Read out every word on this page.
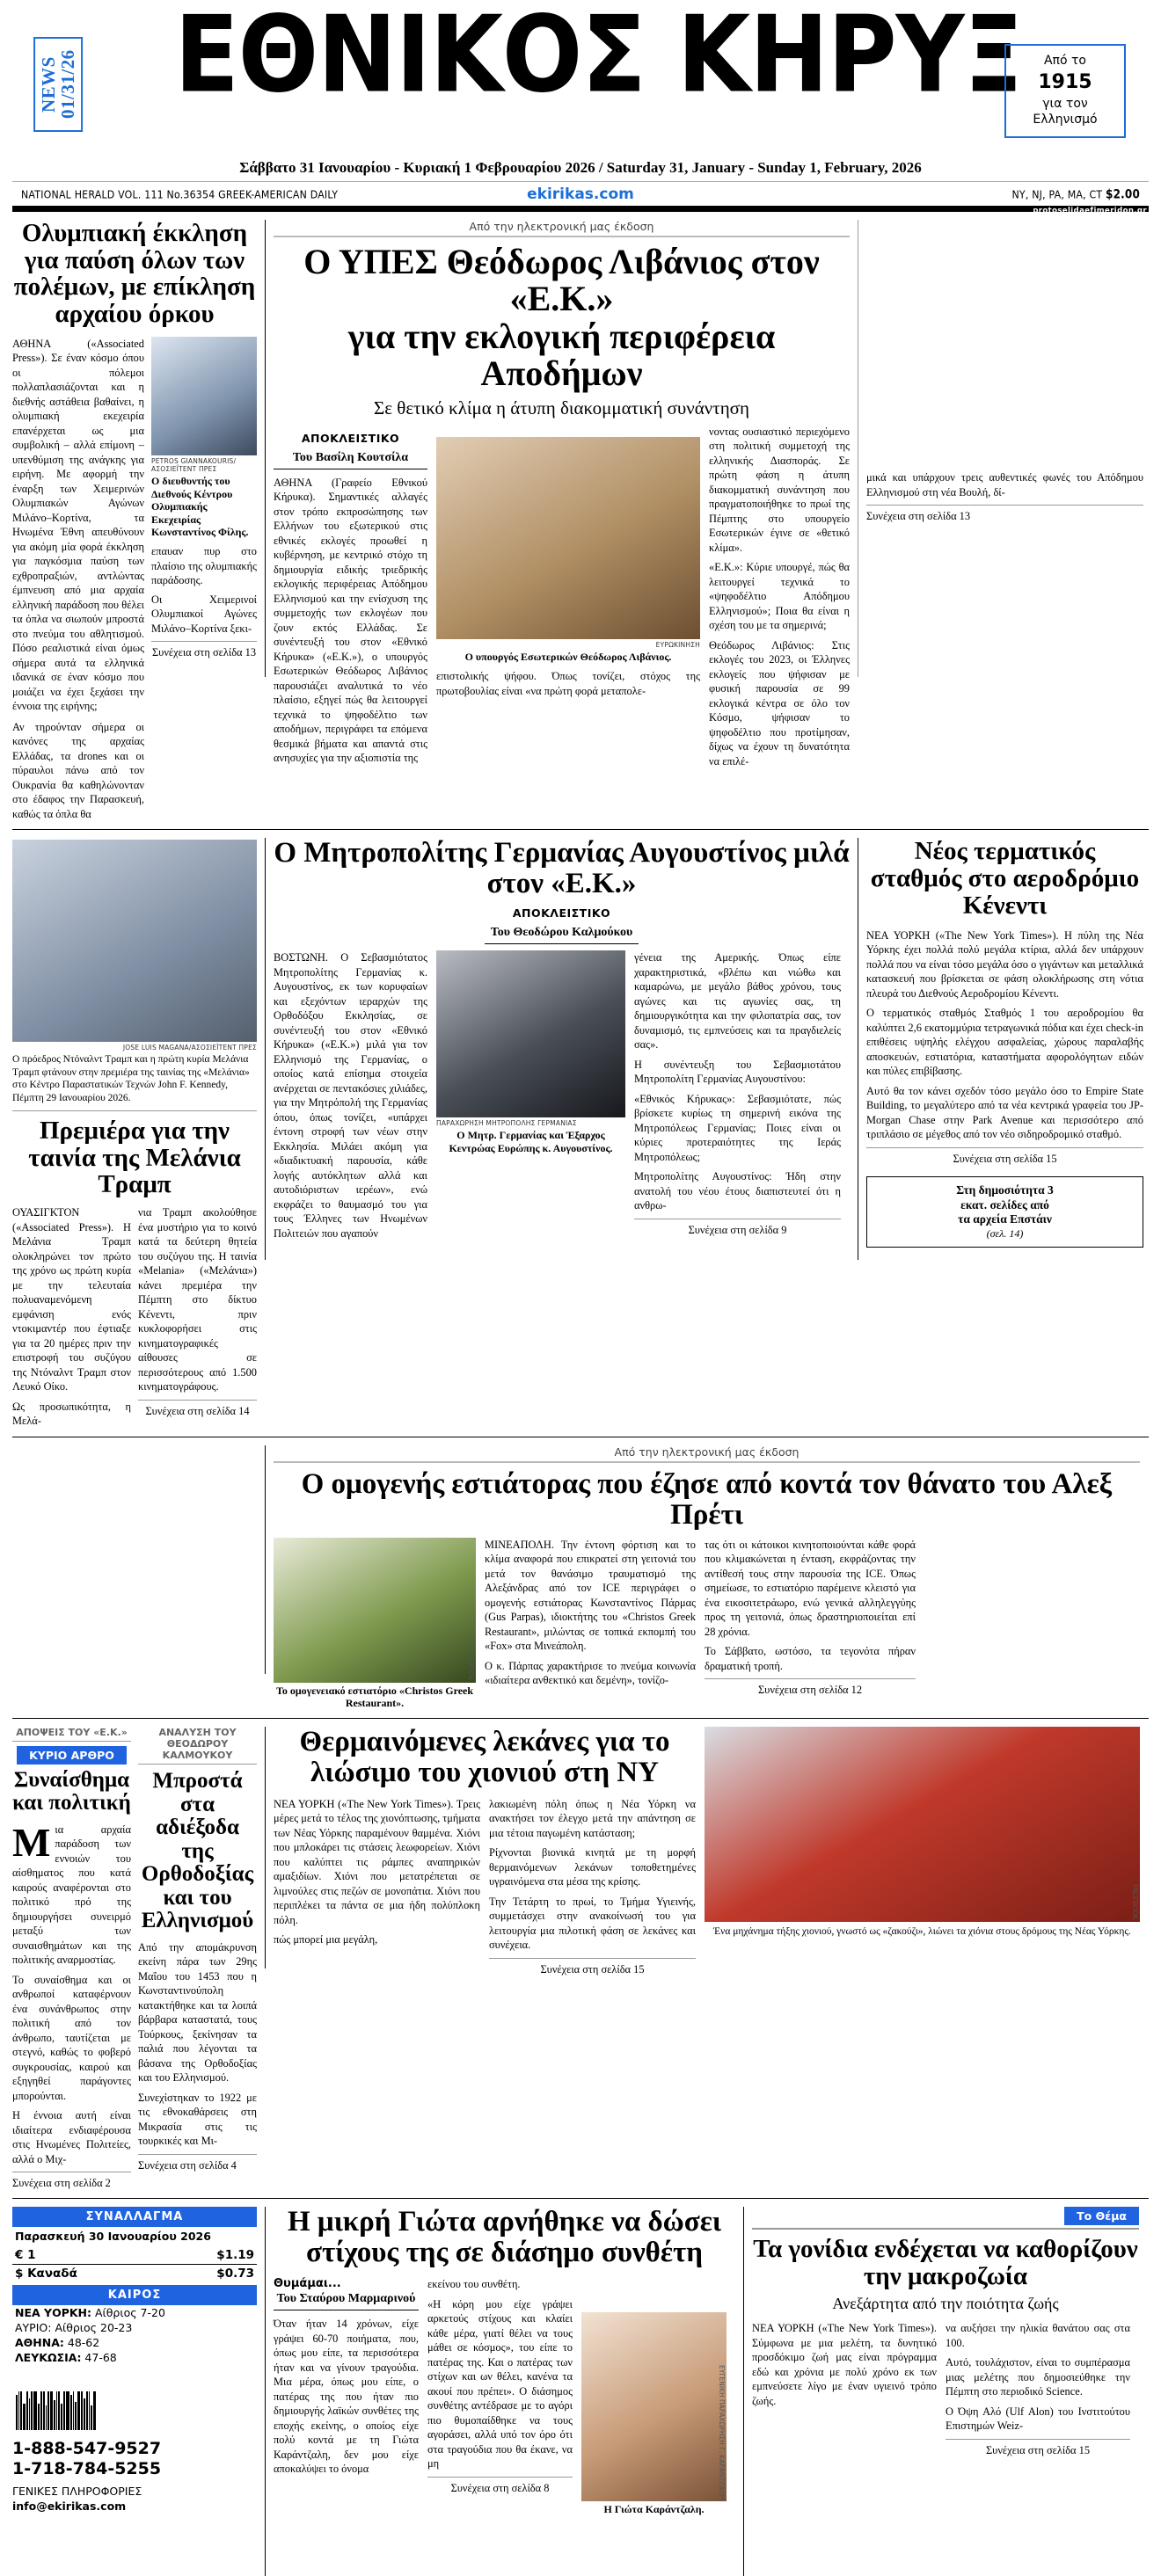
NEWS
01/31/26	ΕΘΝΙΚΟΣ ΚΗΡΥΞ	Από το
1915
για τον
Ελληνισμό
Σάββατο 31 Ιανουαρίου - Κυριακή 1 Φεβρουαρίου 2026 / Saturday 31, January - Sunday 1, February, 2026
NATIONAL HERALD VOL. 111 No.36354 GREEK-AMERICAN DAILY	ekirikas.com	NY, NJ, PA, MA, CT $2.00
protoselidaefimeridon.gr
Ολυμπιακή έκκληση για παύση όλων των πολέμων, με επίκληση αρχαίου όρκου
ΑΘΗΝΑ («Associated Press»). Σε έναν κόσμο όπου οι πόλεμοι πολλαπλασιάζονται και η διεθνής αστάθεια βαθαίνει, η ολυμπιακή εκεχειρία επανέρχεται ως μια συμβολική – αλλά επίμονη – υπενθύμιση της ανάγκης για ειρήνη. Με αφορμή την έναρξη των Χειμερινών Ολυμπιακών Αγώνων Μιλάνο–Κορτίνα, τα Ηνωμένα Έθνη απευθύνουν για ακόμη μία φορά έκκληση για παγκόσμια παύση των εχθροπραξιών, αντλώντας έμπνευση από μια αρχαία ελληνική παράδοση που θέλει τα όπλα να σιωπούν μπροστά στο πνεύμα του αθλητισμού. Πόσο ρεαλιστικά είναι όμως σήμερα αυτά τα ελληνικά ιδανικά σε έναν κόσμο που μοιάζει να έχει ξεχάσει την έννοια της ειρήνης;
Αν τηρούνταν σήμερα οι κανόνες της αρχαίας Ελλάδας, τα drones και οι πύραυλοι πάνω από τον Ουκρανία θα καθηλώνονταν στο έδαφος την Παρασκευή, καθώς τα όπλα θα
PETROS GIANNAKOURIS/ΑΣΟΣΙΕΪΤΕΝΤ ΠΡΕΣ
Ο διευθυντής του Διεθνούς Κέντρου Ολυμπιακής Εκεχειρίας Κωνσταντίνος Φίλης.
επαυαν πυρ στο πλαίσιο της ολυμπιακής παράδοσης.
Οι Χειμερινοί Ολυμπιακοί Αγώνες Μιλάνο–Κορτίνα ξεκι-
Συνέχεια στη σελίδα 13
Από την ηλεκτρονική μας έκδοση
Ο ΥΠΕΣ Θεόδωρος Λιβάνιος στον «Ε.Κ.»
για την εκλογική περιφέρεια Αποδήμων
Σε θετικό κλίμα η άτυπη διακομματική συνάντηση
ΑΠΟΚΛΕΙΣΤΙΚΟ
Του Βασίλη Κουτσίλα
ΑΘΗΝΑ (Γραφείο Εθνικού Κήρυκα). Σημαντικές αλλαγές στον τρόπο εκπροσώπησης των Ελλήνων του εξωτερικού στις εθνικές εκλογές προωθεί η κυβέρνηση, με κεντρικό στόχο τη δημιουργία ειδικής τριεδρικής εκλογικής περιφέρειας Απόδημου Ελληνισμού και την ενίσχυση της συμμετοχής των εκλογέων που ζουν εκτός Ελλάδας. Σε συνέντευξή του στον «Εθνικό Κήρυκα» («Ε.Κ.»), ο υπουργός Εσωτερικών Θεόδωρος Λιβάνιος παρουσιάζει αναλυτικά το νέο πλαίσιο, εξηγεί πώς θα λειτουργεί τεχνικά το ψηφοδέλτιο των αποδήμων, περιγράφει τα επόμενα θεσμικά βήματα και απαντά στις ανησυχίες για την αξιοπιστία της
ΕΥΡΩΚΙΝΗΣΗ
Ο υπουργός Εσωτερικών Θεόδωρος Λιβάνιος.
επιστολικής ψήφου. Όπως τονίζει, στόχος της πρωτοβουλίας είναι «να πρώτη φορά μεταπολε-
νοντας ουσιαστικό περιεχόμενο στη πολιτική συμμετοχή της ελληνικής Διασποράς. Σε πρώτη φάση η άτυπη διακομματική συνάντηση που πραγματοποιήθηκε το πρωί της Πέμπτης στο υπουργείο Εσωτερικών έγινε σε «θετικό κλίμα».
«Ε.Κ.»: Κύριε υπουργέ, πώς θα λειτουργεί τεχνικά το «ψηφοδέλτιο Απόδημου Ελληνισμού»; Ποια θα είναι η σχέση του με τα σημερινά;
Θεόδωρος Λιβάνιος: Στις εκλογές του 2023, οι Έλληνες εκλογείς που ψήφισαν με φυσική παρουσία σε 99 εκλογικά κέντρα σε όλο τον Κόσμο, ψήφισαν το ψηφοδέλτιο που προτίμησαν, δίχως να έχουν τη δυνατότητα να επιλέ-
μικά και υπάρχουν τρεις αυθεντικές φωνές του Απόδημου Ελληνισμού στη νέα Βουλή, δί-
Συνέχεια στη σελίδα 13
JOSE LUIS MAGANA/ΑΣΟΣΙΕΪΤΕΝΤ ΠΡΕΣ
Ο πρόεδρος Ντόναλντ Τραμπ και η πρώτη κυρία Μελάνια Τραμπ φτάνουν στην πρεμιέρα της ταινίας της «Μελάνια» στο Κέντρο Παραστατικών Τεχνών John F. Kennedy, Πέμπτη 29 Ιανουαρίου 2026.
Πρεμιέρα για την ταινία της Μελάνια Τραμπ
ΟΥΑΣΙΓΚΤΟΝ («Associated Press»). Η Μελάνια Τραμπ ολοκληρώνει τον πρώτο της χρόνο ως πρώτη κυρία με την τελευταία πολυαναμενόμενη εμφάνιση ενός ντοκιμαντέρ που έφτιαξε για τα 20 ημέρες πριν την επιστροφή του συζύγου της Ντόναλντ Τραμπ στον Λευκό Οίκο.
Ως προσωπικότητα, η Μελά-
νια Τραμπ ακολούθησε ένα μυστήριο για το κοινό κατά τα δεύτερη θητεία του συζύγου της. Η ταινία «Melania» («Μελάνια») κάνει πρεμιέρα την Πέμπτη στο δίκτυο Κένεντι, πριν κυκλοφορήσει στις κινηματογραφικές αίθουσες σε περισσότερους από 1.500 κινηματογράφους.
Συνέχεια στη σελίδα 14
Ο Μητροπολίτης Γερμανίας Αυγουστίνος μιλά στον «Ε.Κ.»
ΑΠΟΚΛΕΙΣΤΙΚΟ
Του Θεοδώρου Καλμούκου
ΒΟΣΤΩΝΗ. Ο Σεβασμιότατος Μητροπολίτης Γερμανίας κ. Αυγουστίνος, εκ των κορυφαίων και εξεχόντων ιεραρχών της Ορθοδόξου Εκκλησίας, σε συνέντευξή του στον «Εθνικό Κήρυκα» («Ε.Κ.») μιλά για τον Ελληνισμό της Γερμανίας, ο οποίος κατά επίσημα στοιχεία ανέρχεται σε πεντακόσιες χιλιάδες, για την Μητρόπολή της Γερμανίας όπου, όπως τονίζει, «υπάρχει έντονη στροφή των νέων στην Εκκλησία. Μιλάει ακόμη για «διαδικτυακή παρουσία, κάθε λογής αυτόκλητων αλλά και αυτοδιόριστων ιερέων», ενώ εκφράζει το θαυμασμό του για τους Έλληνες των Ηνωμένων Πολιτειών που αγαπούν
ΠΑΡΑΧΩΡΗΣΗ ΜΗΤΡΟΠΟΛΗΣ ΓΕΡΜΑΝΙΑΣ
Ο Μητρ. Γερμανίας και Έξαρχος Κεντρώας Ευρώπης κ. Αυγουστίνος.
γένεια της Αμερικής. Όπως είπε χαρακτηριστικά, «βλέπω και νιώθω και καμαρώνω, με μεγάλο βάθος χρόνου, τους αγώνες και τις αγωνίες σας, τη δημιουργικότητα και την φιλοπατρία σας, τον δυναμισμό, τις εμπνεύσεις και τα πραγδιελείς σας».
Η συνέντευξη του Σεβασμιοτάτου Μητροπολίτη Γερμανίας Αυγουστίνου:
«Εθνικός Κήρυκας»: Σεβασμιότατε, πώς βρίσκετε κυρίως τη σημερινή εικόνα της Μητροπόλεως Γερμανίας; Ποιες είναι οι κύριες προτεραιότητες της Ιεράς Μητροπόλεως;
Μητροπολίτης Αυγουστίνος: Ήδη στην ανατολή του νέου έτους διαπιστευτεί ότι η ανθρω-
Συνέχεια στη σελίδα 9
Νέος τερματικός σταθμός στο αεροδρόμιο Κένεντι
ΝΕΑ ΥΟΡΚΗ («The New York Times»). Η πύλη της Νέα Υόρκης έχει πολλά πολύ μεγάλα κτίρια, αλλά δεν υπάρχουν πολλά που να είναι τόσο μεγάλα όσο ο γιγάντων και μεταλλικά κατασκευή που βρίσκεται σε φάση ολοκλήρωσης στη νότια πλευρά του Διεθνούς Αεροδρομίου Κένεντι.
Ο τερματικός σταθμός Σταθμός 1 του αεροδρομίου θα καλύπτει 2,6 εκατομμύρια τετραγωνικά πόδια και έχει check-in επιθέσεις υψηλής ελέγχου ασφαλείας, χώρους παραλαβής αποσκευών, εστιατόρια, καταστήματα αφορολόγητων ειδών και πύλες επιβίβασης.
Αυτό θα τον κάνει σχεδόν τόσο μεγάλο όσο το Empire State Building, το μεγαλύτερο από τα νέα κεντρικά γραφεία του JP-Morgan Chase στην Park Avenue και περισσότερο από τριπλάσιο σε μέγεθος από τον νέο σιδηροδρομικό σταθμό.
Συνέχεια στη σελίδα 15
Στη δημοσιότητα 3
εκατ. σελίδες από
τα αρχεία Επστάιν
(σελ. 14)
Από την ηλεκτρονική μας έκδοση
Ο ομογενής εστιάτορας που έζησε από κοντά τον θάνατο του Αλεξ Πρέτι
FACEBOOK
Το ομογενειακό εστιατόριο «Christos Greek Restaurant».
ΜΙΝΕΑΠΟΛΗ. Την έντονη φόρτιση και το κλίμα αναφορά που επικρατεί στη γειτονιά του μετά τον θανάσιμο τραυματισμό της Αλεξάνδρας από τον ICE περιγράφει ο ομογενής εστιάτορας Κωνσταντίνος Πάρμας (Gus Parpas), ιδιοκτήτης του «Christos Greek Restaurant», μιλώντας σε τοπικά εκπομπή του «Fox» στα Μινεάπολη.
Ο κ. Πάρπας χαρακτήρισε το πνεύμα κοινωνία «ιδιαίτερα ανθεκτικό και δεμένη», τονίζο-
τας ότι οι κάτοικοι κινητοποιούνται κάθε φορά που κλιμακώνεται η ένταση, εκφράζοντας την αντίθεσή τους στην παρουσία της ICE. Όπως σημείωσε, το εστιατόριο παρέμεινε κλειστό για ένα εικοσιτετράωρο, ενώ γενικά αλληλεγγύης προς τη γειτονιά, όπως δραστηριοποιείται επί 28 χρόνια.
Το Σάββατο, ωστόσο, τα τεγονότα πήραν δραματική τροπή.
Συνέχεια στη σελίδα 12
ΑΠΟΨΕΙΣ ΤΟΥ «Ε.Κ.»
ΚΥΡΙΟ ΑΡΘΡΟ
Συναίσθημα και πολιτική
Μια αρχαία παράδοση των εννοιών του αίσθηματος που κατά καιρούς αναφέρονται στο πολιτικό πρό της δημιουργήσει συνειρμό μεταξύ των συναισθημάτων και της πολιτικής αναρμοστίας.
Το συναίσθημα και οι ανθρωποί καταφέρνουν ένα συνάνθρωπος στην πολιτική από τον άνθρωπο, ταυτίζεται με στεγνό, καθώς το φοβερό συγκρουσίας, καιρού και εξηγηθεί παράγοντες μπορούνται.
Η έννοια αυτή είναι ιδιαίτερα ενδιαφέρουσα στις Ηνωμένες Πολιτείες, αλλά ο Μιχ-
Συνέχεια στη σελίδα 2
ΑΝΑΛΥΣΗ ΤΟΥ ΘΕΟΔΩΡΟΥ ΚΑΛΜΟΥΚΟΥ
Μπροστά στα αδιέξοδα της Ορθοδοξίας και του Ελληνισμού
Από την απομάκρυνση εκείνη πάρα των 29ης Μαΐου του 1453 που η Κωνσταντινούπολη κατακτήθηκε και τα λοιπά βάρβαρα καταστατά, τους Τούρκους, ξεκίνησαν τα παλιά που λέγονται τα βάσανα της Ορθοδοξίας και του Ελληνισμού.
Συνεχίστηκαν το 1922 με τις εθνοκαθάρσεις στη Μικρασία στις τις τουρκικές και Μι-
Συνέχεια στη σελίδα 4
Θερμαινόμενες λεκάνες για το λιώσιμο του χιονιού στη ΝΥ
ΝΕΑ ΥΟΡΚΗ («The New York Times»). Τρεις μέρες μετά το τέλος της χιονόπτωσης, τμήματα των Νέας Υόρκης παραμένουν θαμμένα. Χιόνι που μπλοκάρει τις στάσεις λεωφορείων. Χιόνι που καλύπτει τις ράμπες αναπηρικών αμαξιδίων. Χιόνι που μετατρέπεται σε λιμνούλες στις πεζών σε μονοπάτια. Χιόνι που περιπλέκει τα πάντα σε μια ήδη πολύπλοκη πόλη.
πώς μπορεί μια μεγάλη,
λακιωμένη πόλη όπως η Νέα Υόρκη να ανακτήσει τον έλεγχο μετά την απάντηση σε μια τέτοια παγωμένη κατάσταση;
Ρίχνονται βιονικά κινητά με τη μορφή θερμαινόμενων λεκάνων τοποθετημένες υγραινόμενα στα μέσα της κρίσης.
Την Τετάρτη το πρωί, το Τμήμα Υγιεινής, συμμετάσχει στην ανακοίνωσή του για λειτουργία μια πιλοτική φάση σε λεκάνες και συνέχεια.
Συνέχεια στη σελίδα 15
FACEBOOK
Ένα μηχάνημα τήξης χιονιού, γνωστό ως «ζακούζι», λιώνει τα χιόνια στους δρόμους της Νέας Υόρκης.
ΣΥΝΑΛΛΑΓΜΑ
Παρασκευή 30 Ιανουαρίου 2026
€ 1	$1.19
$ Καναδά	$0.73
ΚΑΙΡΟΣ
ΝΕΑ ΥΟΡΚΗ: Αίθριος 7-20
ΑΥΡΙΟ: Αίθριος 20-23
ΑΘΗΝΑ: 48-62
ΛΕΥΚΩΣΙΑ: 47-68
1-888-547-9527
1-718-784-5255
ΓΕΝΙΚΕΣ ΠΛΗΡΟΦΟΡΙΕΣ
info@ekirikas.com
Η μικρή Γιώτα αρνήθηκε να δώσει στίχους της σε διάσημο συνθέτη
Θυμάμαι...
Του Σταύρου Μαρμαρινού
Όταν ήταν 14 χρόνων, είχε γράψει 60-70 ποιήματα, που, όπως μου είπε, τα περισσότερα ήταν και να γίνουν τραγούδια. Μια μέρα, όπως μου είπε, ο πατέρας της που ήταν πιο δημιουργής λαϊκών συνθέτες της εποχής εκείνης, ο οποίος είχε πολύ κοντά με τη Γιώτα Καράντζαλη, δεν μου είχε αποκαλύψει το όνομα
εκείνου του συνθέτη.
«Η κόρη μου είχε γράψει αρκετούς στίχους και κλαίει κάθε μέρα, γιατί θέλει να τους μάθει σε κόσμος», του είπε το πατέρας της. Και ο πατέρας των στίχων και ων θέλει, κανένα τα ακουί που πρέπει». Ο διάσημος συνθέτης αντέδρασε με το αγόρι πιο θυμοπαίδθηκε να τους αγοράσει, αλλά υπό τον όρο ότι στα τραγούδια που θα έκανε, να μη
Συνέχεια στη σελίδα 8	ΕΥΓΕΝΙΚΗ ΠΑΡΑΧΩΡΗΣΗ Γ. ΚΑΡΑΝΤΖΑΛΗ
Η Γιώτα Καράντζαλη.
Το Θέμα
Τα γονίδια ενδέχεται να καθορίζουν την μακροζωία
Ανεξάρτητα από την ποιότητα ζωής
ΝΕΑ ΥΟΡΚΗ («The New York Times»). Σύμφωνα με μια μελέτη, τα δυνητικό προσδόκιμο ζωή μας είναι πρόγραμμα εδώ και χρόνια με πολύ χρόνο εκ των εμπνεύσετε λίγο με έναν υγιεινό τρόπο ζωής.
να αυξήσει την ηλικία θανάτου σας στα 100.
Αυτό, τουλάχιστον, είναι το συμπέρασμα μιας μελέτης που δημοσιεύθηκε την Πέμπτη στο περιοδικό Science.
Ο Όψη Αλό (Ulf Alon) του Ινστιτούτου Επιστημών Weiz-
Συνέχεια στη σελίδα 15
